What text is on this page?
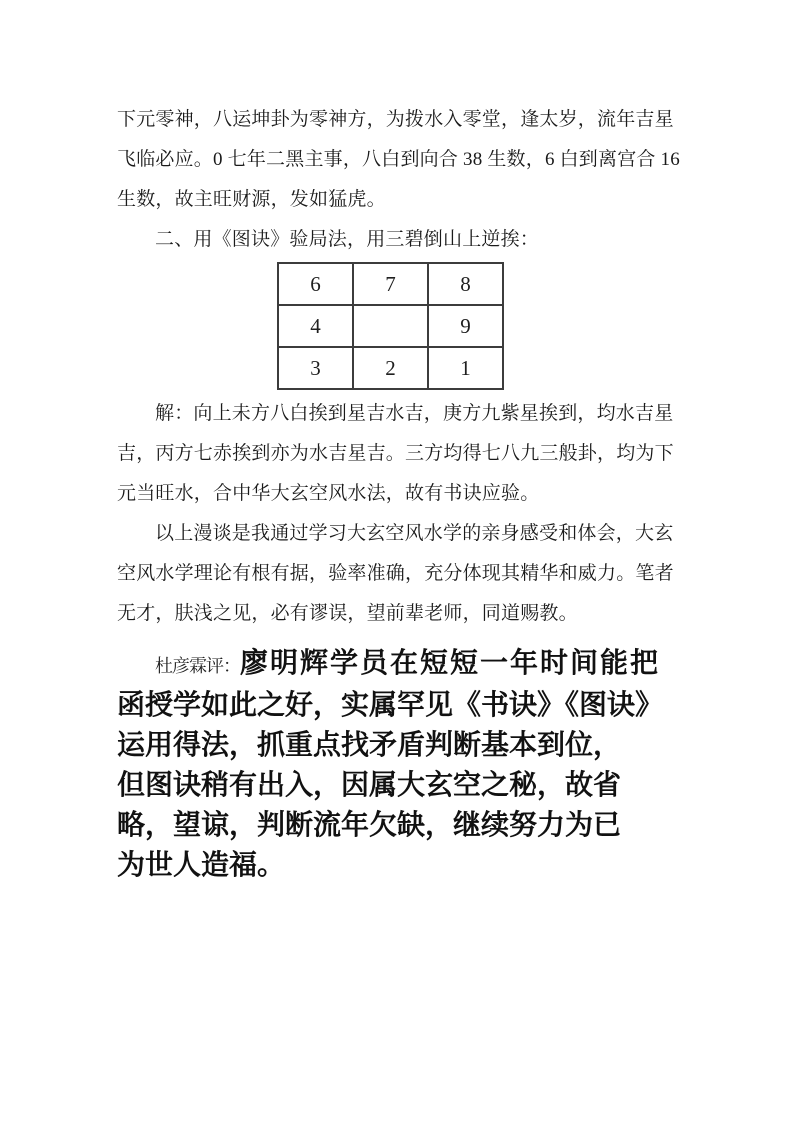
下元零神，八运坤卦为零神方，为拨水入零堂，逢太岁，流年吉星
飞临必应。0 七年二黑主事，八白到向合 38 生数，6 白到离宫合 16
生数，故主旺财源，发如猛虎。
二、用《图诀》验局法，用三碧倒山上逆挨：
6	7	8
4		9
3	2	1
解：向上未方八白挨到星吉水吉，庚方九紫星挨到，均水吉星
吉，丙方七赤挨到亦为水吉星吉。三方均得七八九三般卦，均为下
元当旺水，合中华大玄空风水法，故有书诀应验。
以上漫谈是我通过学习大玄空风水学的亲身感受和体会，大玄
空风水学理论有根有据，验率准确，充分体现其精华和威力。笔者
无才，肤浅之见，必有谬误，望前辈老师，同道赐教。
杜彦霖评：廖明辉学员在短短一年时间能把
函授学如此之好，实属罕见《书诀》《图诀》
运用得法，抓重点找矛盾判断基本到位，
但图诀稍有出入，因属大玄空之秘，故省
略，望谅，判断流年欠缺，继续努力为已
为世人造福。
